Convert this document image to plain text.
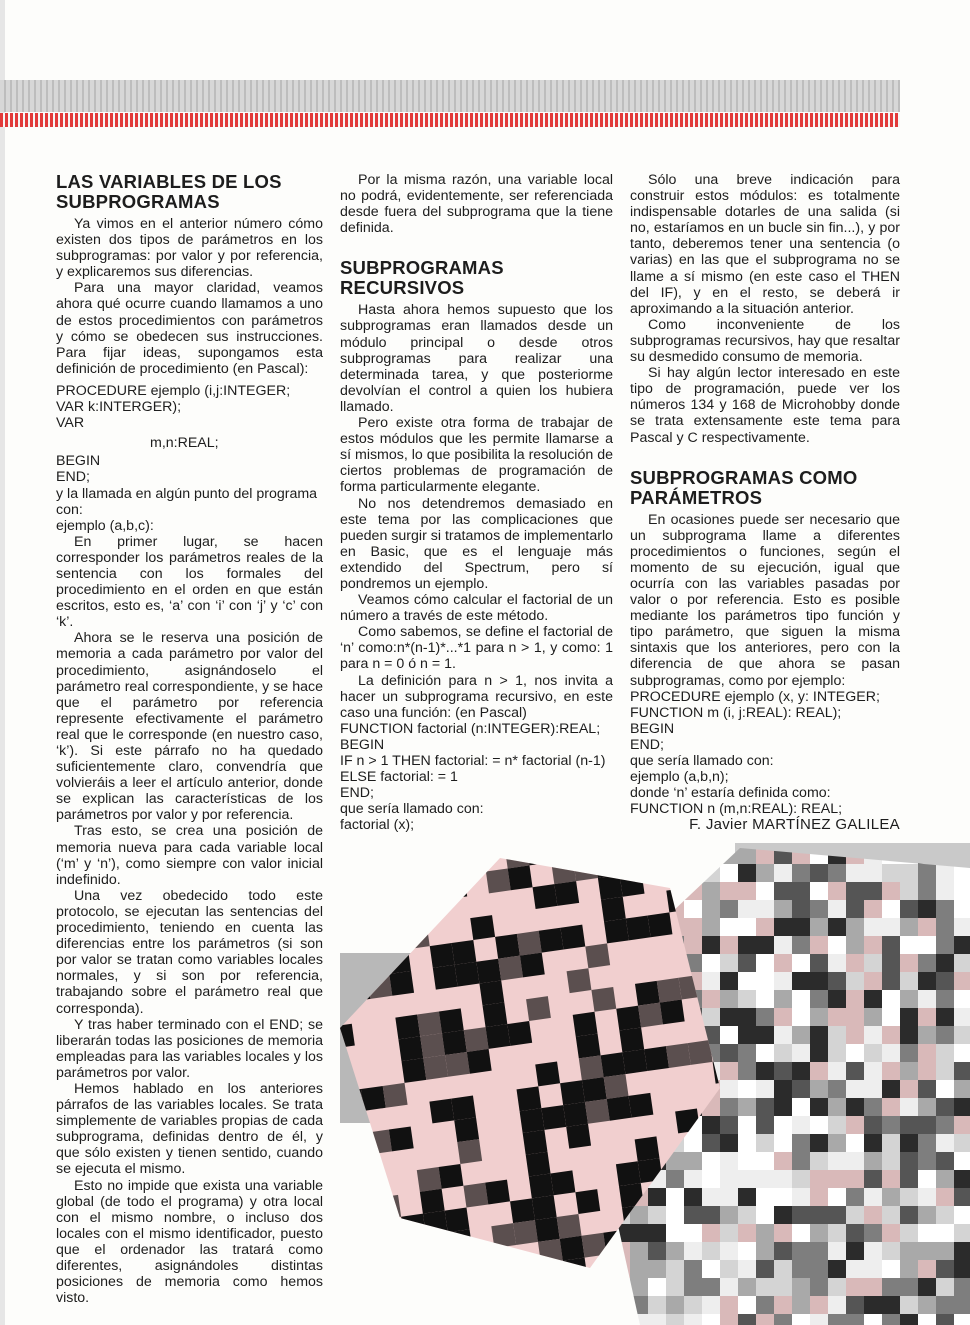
LAS VARIABLES DE LOS SUBPROGRAMAS

Ya vimos en el anterior número cómo existen dos tipos de parámetros en los subprogramas: por valor y por referencia, y explicaremos sus diferencias.

Para una mayor claridad, veamos ahora qué ocurre cuando llamamos a uno de estos procedimientos con parámetros y cómo se obedecen sus instrucciones. Para fijar ideas, supongamos esta definición de procedimiento (en Pascal):

PROCEDURE ejemplo (i,j:INTEGER;

VAR k:INTERGER);

VAR

m,n:REAL;

BEGIN

END;

y la llamada en algún punto del programa con:

ejemplo (a,b,c):

En primer lugar, se hacen corresponder los parámetros reales de la sentencia con los formales del procedimiento en el orden en que están escritos, esto es, ‘a’ con ‘i’ con ‘j’ y ‘c’ con ‘k’.

Ahora se le reserva una posición de memoria a cada parámetro por valor del procedimiento, asignándoselo el parámetro real correspondiente, y se hace que el parámetro por referencia represente efectivamente el parámetro real que le corresponde (en nuestro caso, ‘k’). Si este párrafo no ha quedado suficientemente claro, convendría que volvieráis a leer el artículo anterior, donde se explican las características de los parámetros por valor y por referencia.

Tras esto, se crea una posición de memoria nueva para cada variable local (‘m’ y ‘n’), como siempre con valor inicial indefinido.

Una vez obedecido todo este protocolo, se ejecutan las sentencias del procedimiento, teniendo en cuenta las diferencias entre los parámetros (si son por valor se tratan como variables locales normales, y si son por referencia, trabajando sobre el parámetro real que corresponda).

Y tras haber terminado con el END; se liberarán todas las posiciones de memoria empleadas para las variables locales y los parámetros por valor.

Hemos hablado en los anteriores párrafos de las variables locales. Se trata simplemente de variables propias de cada subprograma, definidas dentro de él, y que sólo existen y tienen sentido, cuando se ejecuta el mismo.

Esto no impide que exista una variable global (de todo el programa) y otra local con el mismo nombre, o incluso dos locales con el mismo identificador, puesto que el ordenador las tratará como diferentes, asignándoles distintas posiciones de memoria como hemos visto.

Por la misma razón, una variable local no podrá, evidentemente, ser referenciada desde fuera del subprograma que la tiene definida.

SUBPROGRAMAS RECURSIVOS

Hasta ahora hemos supuesto que los subprogramas eran llamados desde un módulo principal o desde otros subprogramas para realizar una determinada tarea, y que posteriorme devolvían el control a quien los hubiera llamado.

Pero existe otra forma de trabajar de estos módulos que les permite llamarse a sí mismos, lo que posibilita la resolución de ciertos problemas de programación de forma particularmente elegante.

No nos detendremos demasiado en este tema por las complicaciones que pueden surgir si tratamos de implementarlo en Basic, que es el lenguaje más extendido del Spectrum, pero sí pondremos un ejemplo.

Veamos cómo calcular el factorial de un número a través de este método.

Como sabemos, se define el factorial de ‘n’ como:n*(n-1)*...*1 para n > 1, y como: 1 para n = 0 ó n = 1.

La definición para n > 1, nos invita a hacer un subprograma recursivo, en este caso una función: (en Pascal)

FUNCTION factorial (n:INTEGER):REAL;

BEGIN

IF n > 1 THEN factorial: = n* factorial (n-1)

ELSE factorial: = 1

END;

que sería llamado con:

factorial (x);

Sólo una breve indicación para construir estos módulos: es totalmente indispensable dotarles de una salida (si no, estaríamos en un bucle sin fin...), y por tanto, deberemos tener una sentencia (o varias) en las que el subprograma no se llame a sí mismo (en este caso el THEN del IF), y en el resto, se deberá ir aproximando a la situación anterior.

Como inconveniente de los subprogramas recursivos, hay que resaltar su desmedido consumo de memoria.

Si hay algún lector interesado en este tipo de programación, puede ver los números 134 y 168 de Microhobby donde se trata extensamente este tema para Pascal y C respectivamente.

SUBPROGRAMAS COMO PARÁMETROS

En ocasiones puede ser necesario que un subprograma llame a diferentes procedimientos o funciones, según el momento de su ejecución, igual que ocurría con las variables pasadas por valor o por referencia. Esto es posible mediante los parámetros tipo función y tipo parámetro, que siguen la misma sintaxis que los anteriores, pero con la diferencia de que ahora se pasan subprogramas, como por ejemplo:

PROCEDURE ejemplo (x, y: INTEGER;

FUNCTION m (i, j:REAL): REAL);

BEGIN

END;

que sería llamado con:

ejemplo (a,b,n);

donde ‘n’ estaría definida como:

FUNCTION n (m,n:REAL): REAL;

F. Javier MARTÍNEZ GALILEA
